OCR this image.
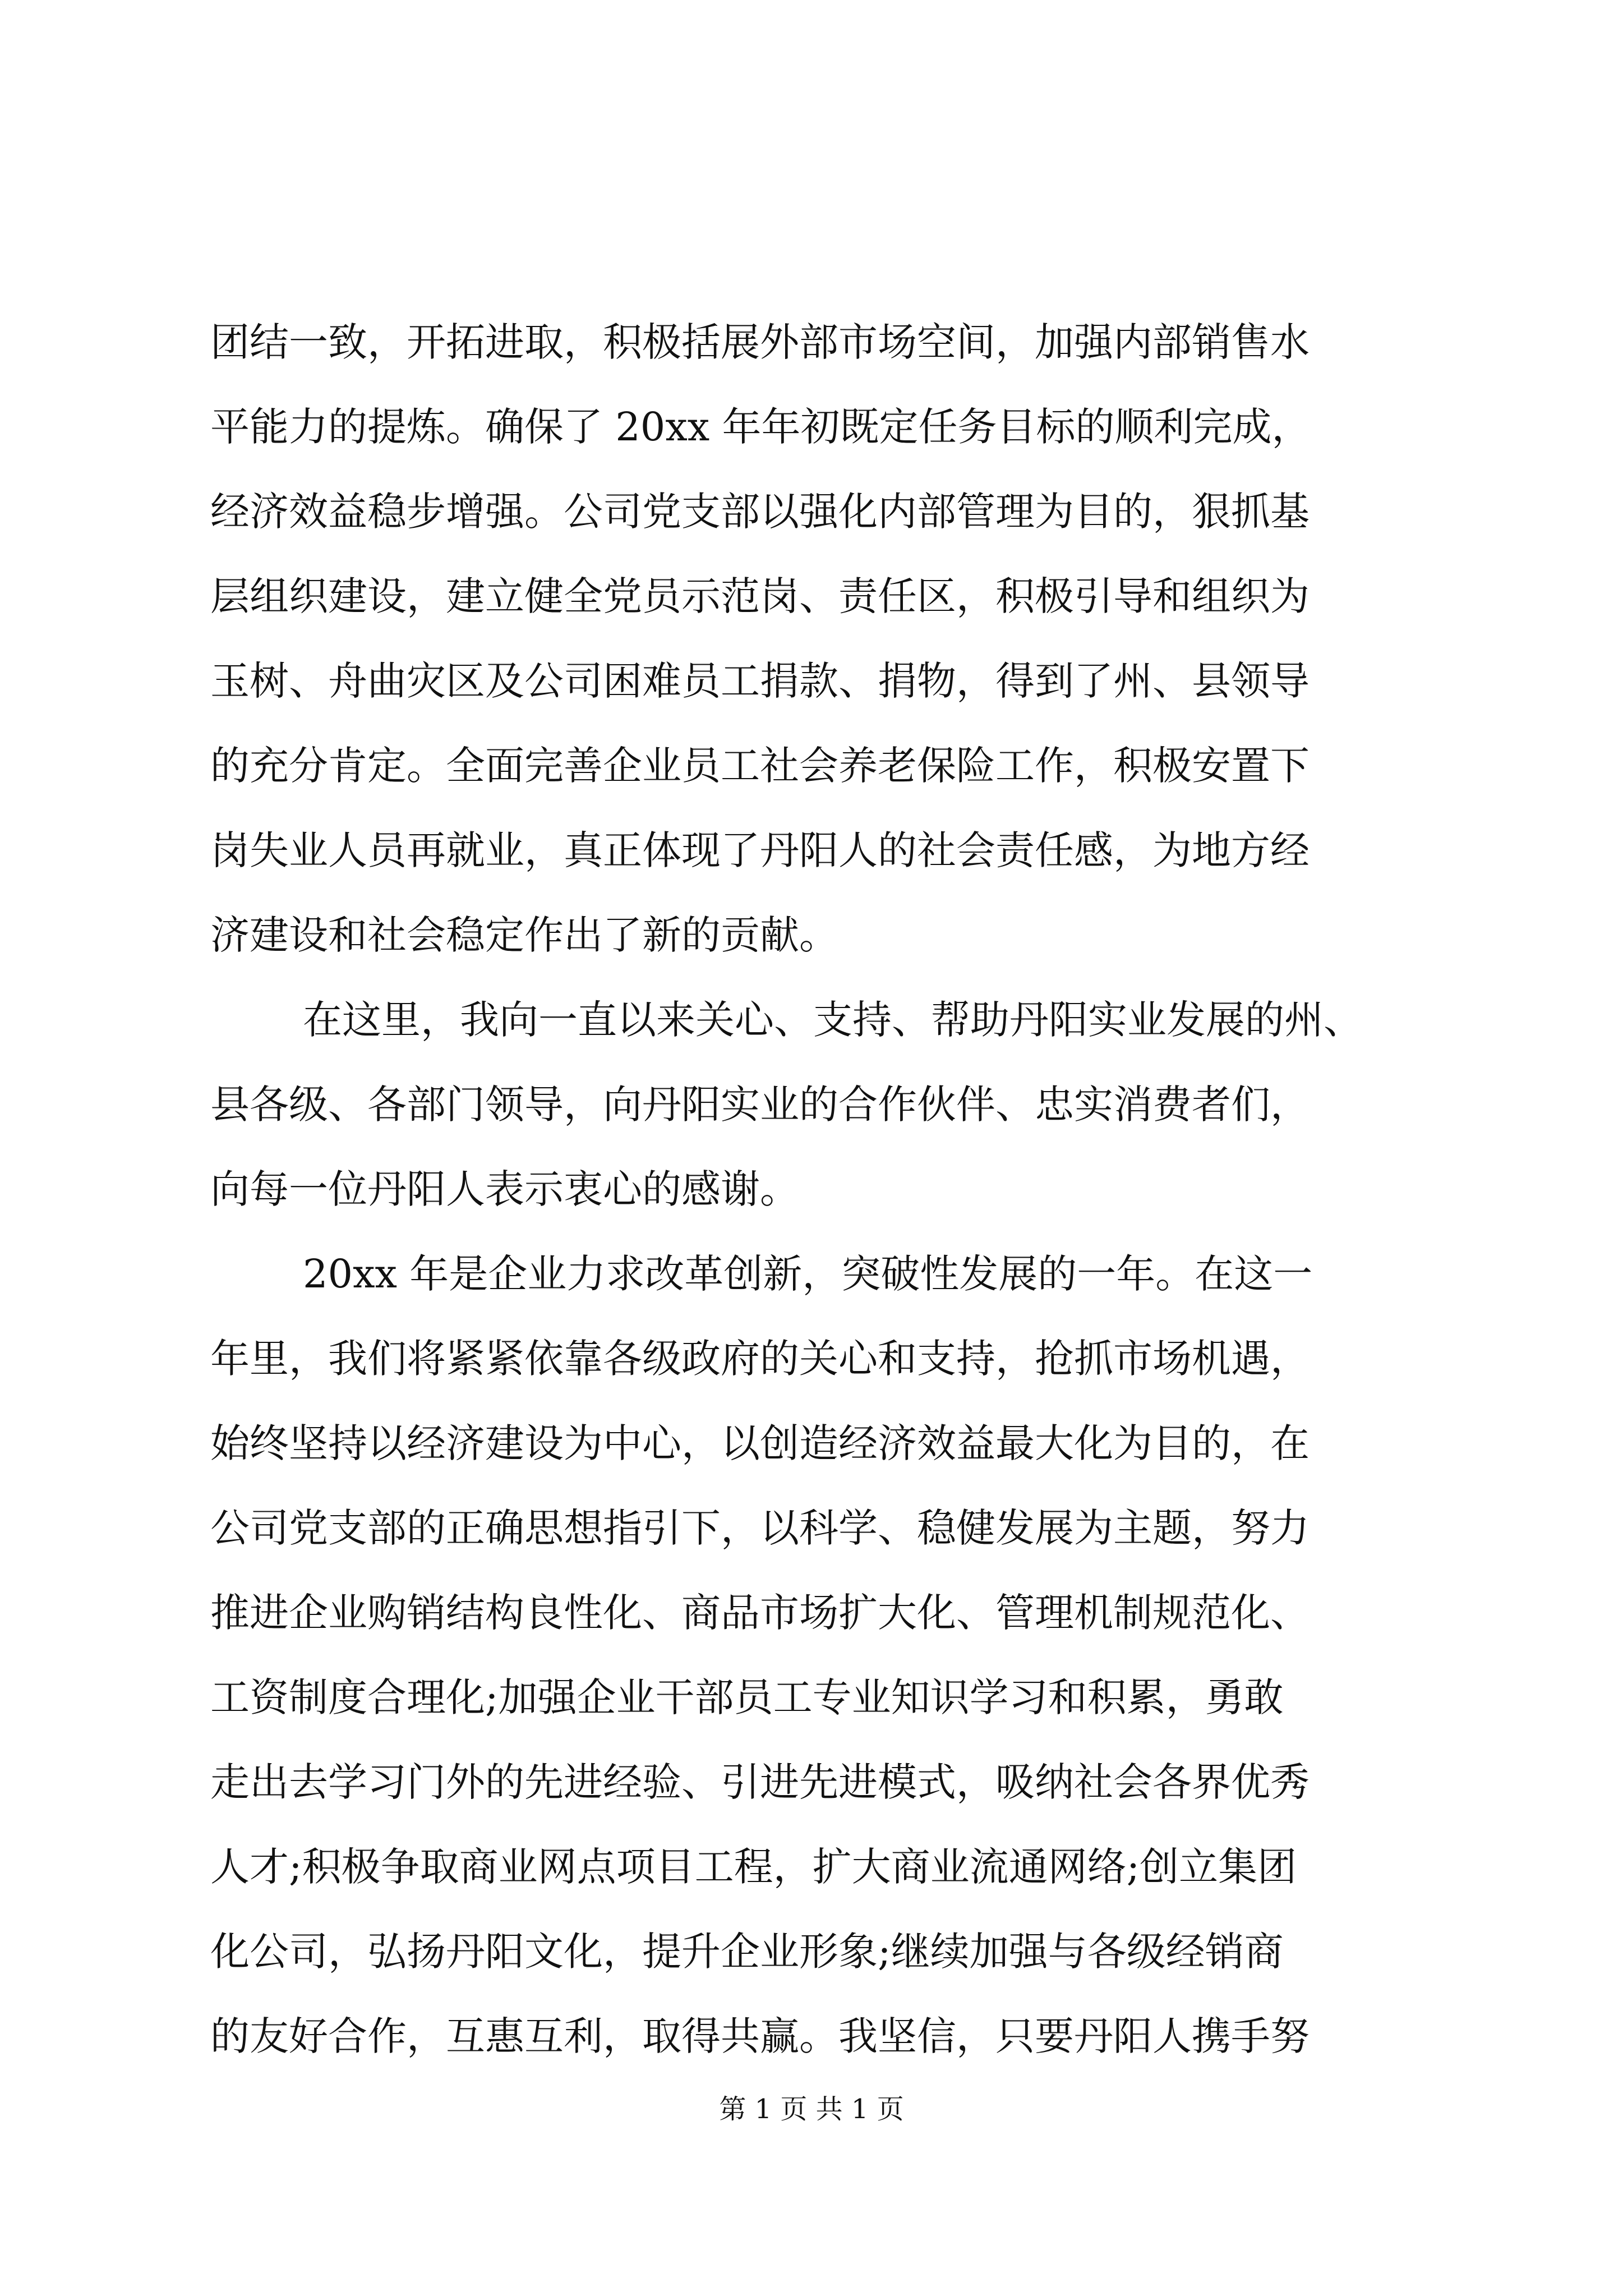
团结一致，开拓进取，积极括展外部市场空间，加强内部销售水
平能力的提炼。确保了 20xx 年年初既定任务目标的顺利完成，
经济效益稳步增强。公司党支部以强化内部管理为目的，狠抓基
层组织建设，建立健全党员示范岗、责任区，积极引导和组织为
玉树、舟曲灾区及公司困难员工捐款、捐物，得到了州、县领导
的充分肯定。全面完善企业员工社会养老保险工作，积极安置下
岗失业人员再就业，真正体现了丹阳人的社会责任感，为地方经
济建设和社会稳定作出了新的贡献。
在这里，我向一直以来关心、支持、帮助丹阳实业发展的州、
县各级、各部门领导，向丹阳实业的合作伙伴、忠实消费者们，
向每一位丹阳人表示衷心的感谢。
20xx 年是企业力求改革创新，突破性发展的一年。在这一
年里，我们将紧紧依靠各级政府的关心和支持，抢抓市场机遇，
始终坚持以经济建设为中心，以创造经济效益最大化为目的，在
公司党支部的正确思想指引下，以科学、稳健发展为主题，努力
推进企业购销结构良性化、商品市场扩大化、管理机制规范化、
工资制度合理化;加强企业干部员工专业知识学习和积累，勇敢
走出去学习门外的先进经验、引进先进模式，吸纳社会各界优秀
人才;积极争取商业网点项目工程，扩大商业流通网络;创立集团
化公司，弘扬丹阳文化，提升企业形象;继续加强与各级经销商
的友好合作，互惠互利，取得共赢。我坚信，只要丹阳人携手努
第 1 页 共 1 页
